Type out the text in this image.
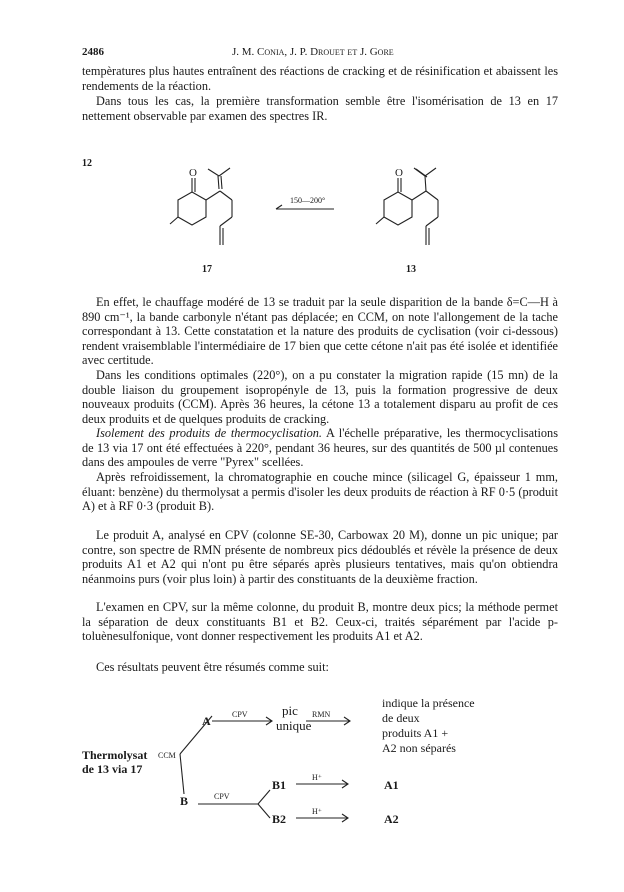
2486	J. M. Conia, J. P. Drouet et J. Gore

tempèratures plus hautes entraînent des réactions de cracking et de résinification et abaissent les rendements de la réaction.

Dans tous les cas, la première transformation semble être l'isomérisation de 13 en 17 nettement observable par examen des spectres IR.

12
O	O
150—200°
17	13

En effet, le chauffage modéré de 13 se traduit par la seule disparition de la bande δ=C—H à 890 cm⁻¹, la bande carbonyle n'étant pas déplacée; en CCM, on note l'allongement de la tache correspondant à 13. Cette constatation et la nature des produits de cyclisation (voir ci-dessous) rendent vraisemblable l'intermédiaire de 17 bien que cette cétone n'ait pas été isolée et identifiée avec certitude.

Dans les conditions optimales (220°), on a pu constater la migration rapide (15 mn) de la double liaison du groupement isopropényle de 13, puis la formation progressive de deux nouveaux produits (CCM). Après 36 heures, la cétone 13 a totalement disparu au profit de ces deux produits et de quelques produits de cracking.

Isolement des produits de thermocyclisation. A l'échelle préparative, les thermocyclisations de 13 via 17 ont été effectuées à 220°, pendant 36 heures, sur des quantités de 500 µl contenues dans des ampoules de verre "Pyrex" scellées.

Après refroidissement, la chromatographie en couche mince (silicagel G, épaisseur 1 mm, éluant: benzène) du thermolysat a permis d'isoler les deux produits de réaction à RF 0·5 (produit A) et à RF 0·3 (produit B).

Le produit A, analysé en CPV (colonne SE-30, Carbowax 20 M), donne un pic unique; par contre, son spectre de RMN présente de nombreux pics dédoublés et révèle la présence de deux produits A1 et A2 qui n'ont pu être séparés après plusieurs tentatives, mais qu'on obtiendra néanmoins purs (voir plus loin) à partir des constituants de la deuxième fraction.

L'examen en CPV, sur la même colonne, du produit B, montre deux pics; la méthode permet la séparation de deux constituants B1 et B2. Ceux-ci, traités séparément par l'acide p-toluènesulfonique, vont donner respectivement les produits A1 et A2.

Ces résultats peuvent être résumés comme suit:

Thermolysat CCM
de 13 via 17
A	CPV	pic
unique
RMN
indique la présence
de deux
produits A1 +
A2 non séparés
B	CPV
B1
B2
H⁺
H⁺
A1
A2
